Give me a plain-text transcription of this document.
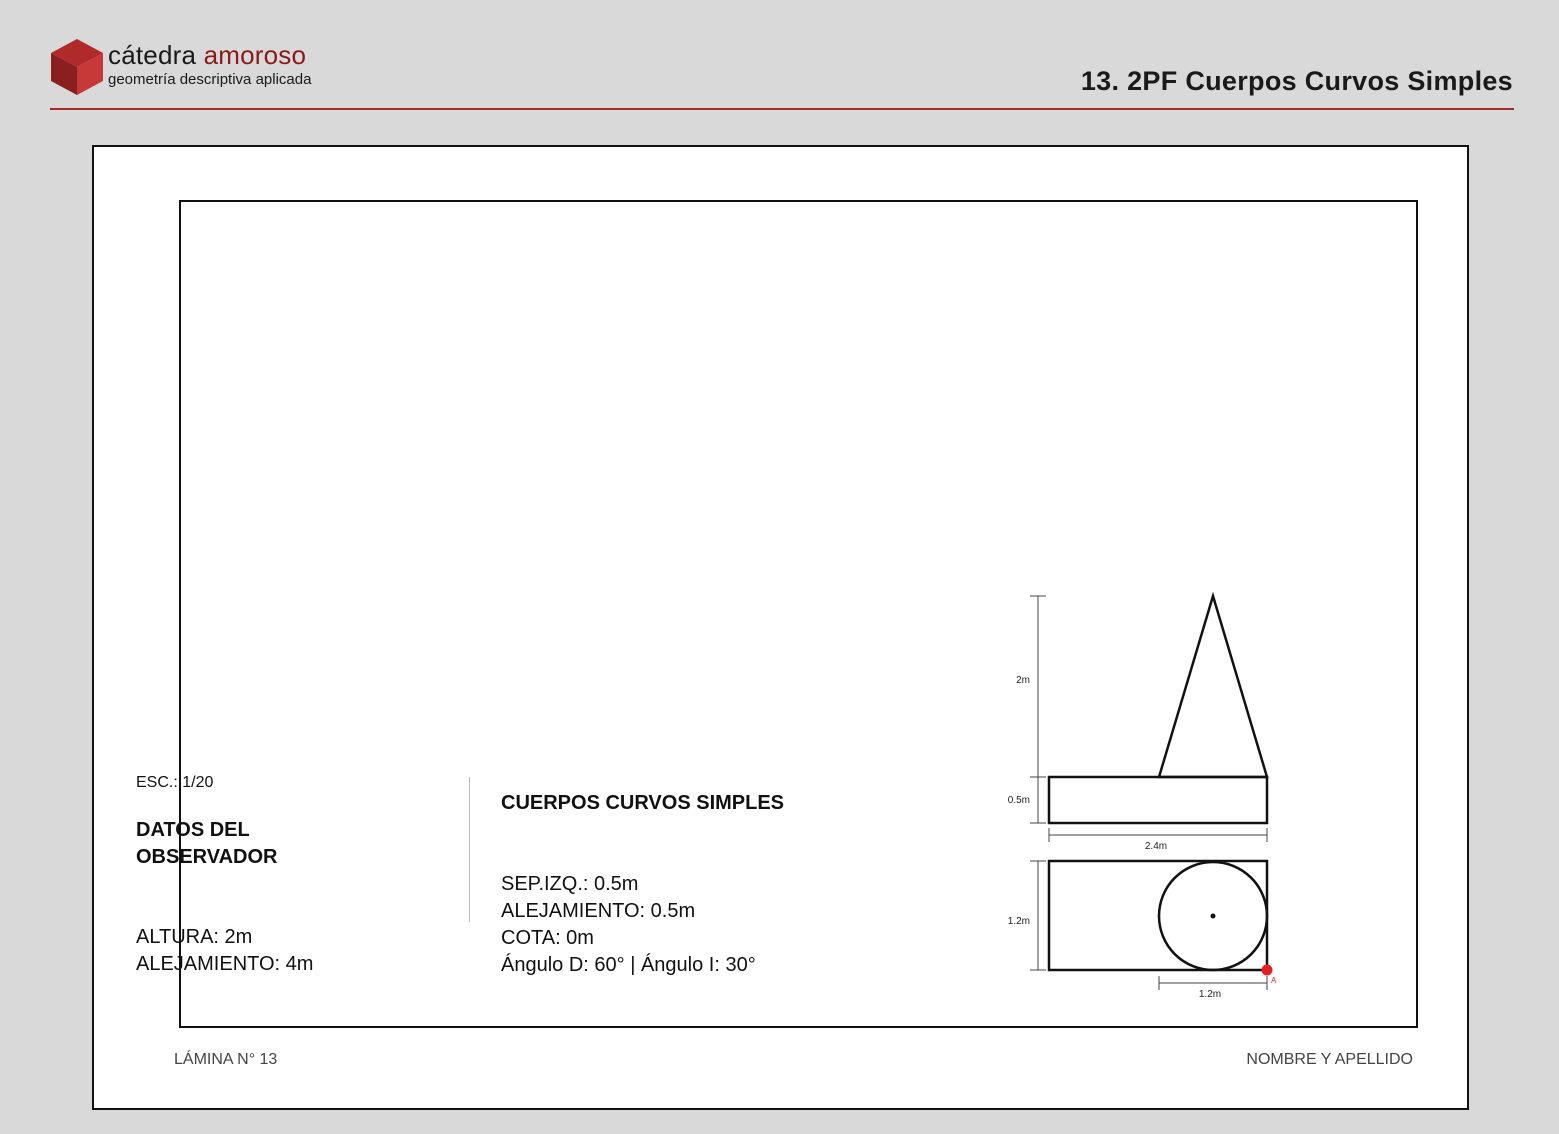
cátedra amoroso
geometría descriptiva aplicada	13. 2PF Cuerpos Curvos Simples
ESC.: 1/20
DATOS DEL OBSERVADOR
ALTURA: 2m
ALEJAMIENTO: 4m
CUERPOS CURVOS SIMPLES
SEP.IZQ.: 0.5m
ALEJAMIENTO: 0.5m
COTA: 0m
Ángulo D: 60° | Ángulo I: 30°
2m
0.5m
2.4m
1.2m
1.2m
A
LÁMINA N° 13	NOMBRE Y APELLIDO
